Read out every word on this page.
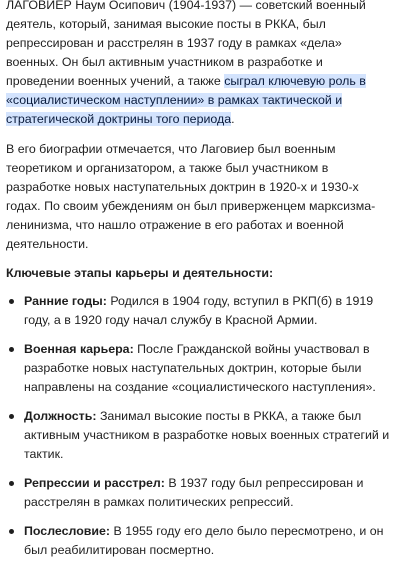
ЛАГОВИЕР Наум Осипович (1904-1937) — советский военный деятель, который, занимая высокие посты в РККА, был репрессирован и расстрелян в 1937 году в рамках «дела» военных. Он был активным участником в разработке и проведении военных учений, а также сыграл ключевую роль в «социалистическом наступлении» в рамках тактической и стратегической доктрины того периода.

В его биографии отмечается, что Лаговиер был военным теоретиком и организатором, а также был участником в разработке новых наступательных доктрин в 1920-х и 1930-х годах. По своим убеждениям он был приверженцем марксизма-ленинизма, что нашло отражение в его работах и военной деятельности.

Ключевые этапы карьеры и деятельности:

Ранние годы: Родился в 1904 году, вступил в РКП(б) в 1919 году, а в 1920 году начал службу в Красной Армии.
Военная карьера: После Гражданской войны участвовал в разработке новых наступательных доктрин, которые были направлены на создание «социалистического наступления».
Должность: Занимал высокие посты в РККА, а также был активным участником в разработке новых военных стратегий и тактик.
Репрессии и расстрел: В 1937 году был репрессирован и расстрелян в рамках политических репрессий.
Послесловие: В 1955 году его дело было пересмотрено, и он был реабилитирован посмертно.
